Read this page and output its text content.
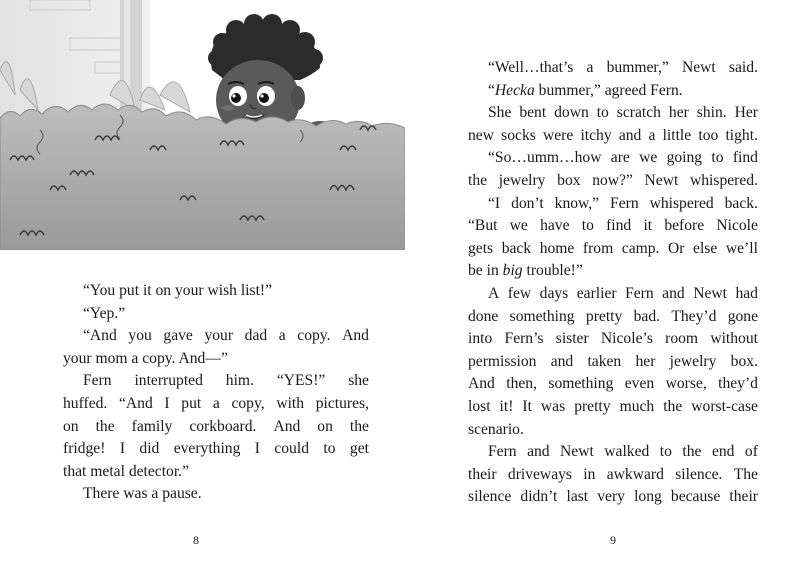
“You put it on your wish list!”
“Yep.”
“And you gave your dad a copy. And
your mom a copy. And—”
Fern interrupted him. “YES!” she
huffed. “And I put a copy, with pictures,
on the family corkboard. And on the
fridge! I did everything I could to get
that metal detector.”
There was a pause.
8	9
“Well…that’s a bummer,” Newt said.
“Hecka bummer,” agreed Fern.
She bent down to scratch her shin. Her
new socks were itchy and a little too tight.
“So…umm…how are we going to find
the jewelry box now?” Newt whispered.
“I don’t know,” Fern whispered back.
“But we have to find it before Nicole
gets back home from camp. Or else we’ll
be in big trouble!”
A few days earlier Fern and Newt had
done something pretty bad. They’d gone
into Fern’s sister Nicole’s room without
permission and taken her jewelry box.
And then, something even worse, they’d
lost it! It was pretty much the worst-case
scenario.
Fern and Newt walked to the end of
their driveways in awkward silence. The
silence didn’t last very long because their
